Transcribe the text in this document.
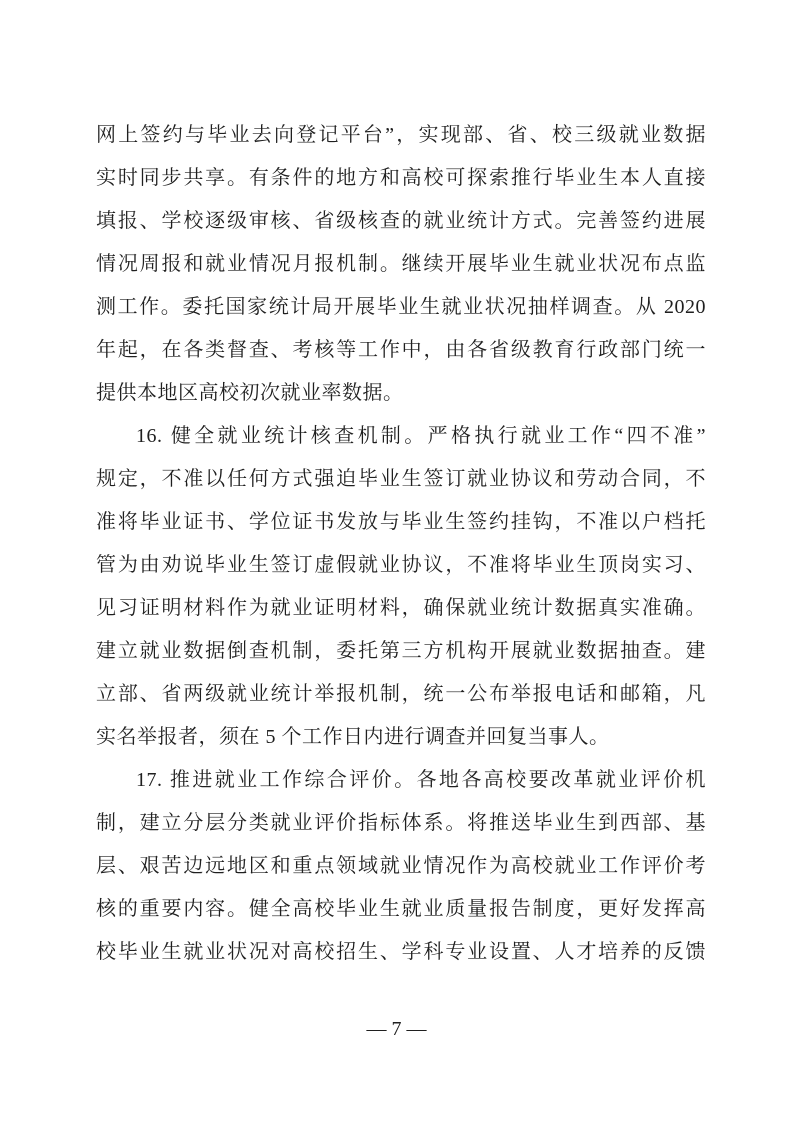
网上签约与毕业去向登记平台”，实现部、省、校三级就业数据
实时同步共享。有条件的地方和高校可探索推行毕业生本人直接
填报、学校逐级审核、省级核查的就业统计方式。完善签约进展
情况周报和就业情况月报机制。继续开展毕业生就业状况布点监
测工作。委托国家统计局开展毕业生就业状况抽样调查。从 2020
年起，在各类督查、考核等工作中，由各省级教育行政部门统一
提供本地区高校初次就业率数据。
16. 健全就业统计核查机制。严格执行就业工作“四不准”
规定，不准以任何方式强迫毕业生签订就业协议和劳动合同，不
准将毕业证书、学位证书发放与毕业生签约挂钩，不准以户档托
管为由劝说毕业生签订虚假就业协议，不准将毕业生顶岗实习、
见习证明材料作为就业证明材料，确保就业统计数据真实准确。
建立就业数据倒查机制，委托第三方机构开展就业数据抽查。建
立部、省两级就业统计举报机制，统一公布举报电话和邮箱，凡
实名举报者，须在 5 个工作日内进行调查并回复当事人。
17. 推进就业工作综合评价。各地各高校要改革就业评价机
制，建立分层分类就业评价指标体系。将推送毕业生到西部、基
层、艰苦边远地区和重点领域就业情况作为高校就业工作评价考
核的重要内容。健全高校毕业生就业质量报告制度，更好发挥高
校毕业生就业状况对高校招生、学科专业设置、人才培养的反馈
— 7 —
